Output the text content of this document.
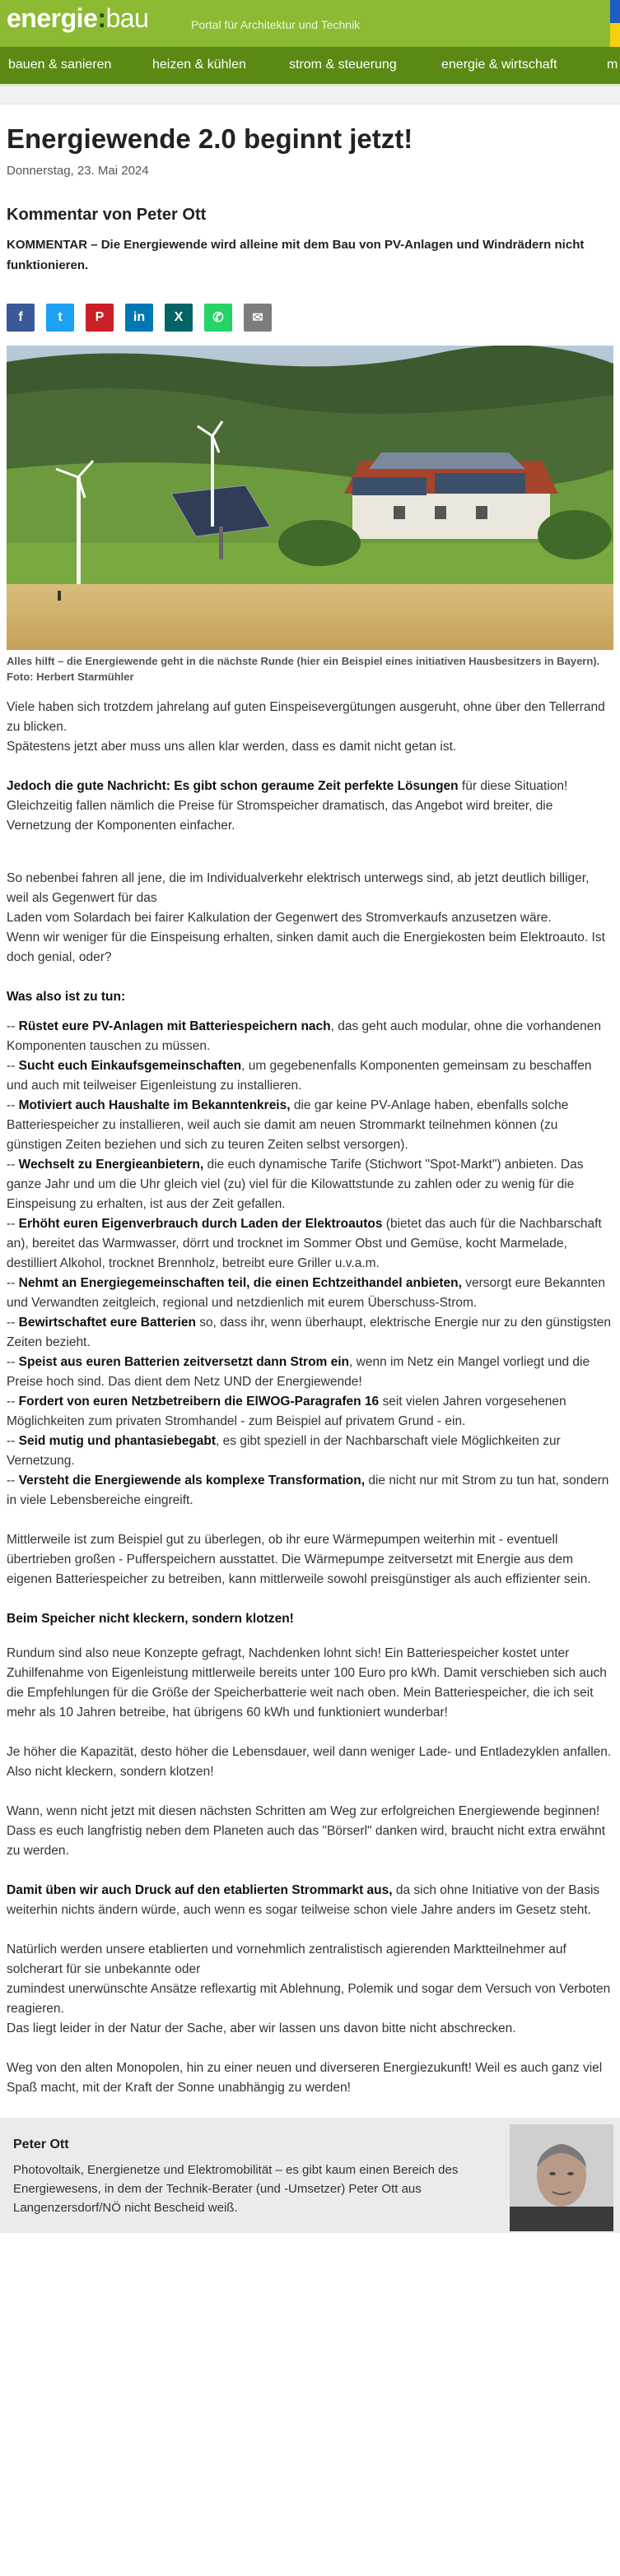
energie:bau	Portal für Architektur und Technik
bauen & sanieren	heizen & kühlen	strom & steuerung	energie & wirtschaft	m
Energiewende 2.0 beginnt jetzt!
Donnerstag, 23. Mai 2024
Kommentar von Peter Ott
KOMMENTAR – Die Energiewende wird alleine mit dem Bau von PV-Anlagen und Windrädern nicht funktionieren.
f	t	P	in	X	✆	✉
Alles hilft – die Energiewende geht in die nächste Runde (hier ein Beispiel eines initiativen Hausbesitzers in Bayern). Foto: Herbert Starmühler

Viele haben sich trotzdem jahrelang auf guten Einspeisevergütungen ausgeruht, ohne über den Tellerrand zu blicken.
Spätestens jetzt aber muss uns allen klar werden, dass es damit nicht getan ist.

Jedoch die gute Nachricht: Es gibt schon geraume Zeit perfekte Lösungen für diese Situation! Gleichzeitig fallen nämlich die Preise für Stromspeicher dramatisch, das Angebot wird breiter, die Vernetzung der Komponenten einfacher.

So nebenbei fahren all jene, die im Individualverkehr elektrisch unterwegs sind, ab jetzt deutlich billiger, weil als Gegenwert für das
Laden vom Solardach bei fairer Kalkulation der Gegenwert des Stromverkaufs anzusetzen wäre.
Wenn wir weniger für die Einspeisung erhalten, sinken damit auch die Energiekosten beim Elektroauto. Ist doch genial, oder?

Was also ist zu tun:

-- Rüstet eure PV-Anlagen mit Batteriespeichern nach, das geht auch modular, ohne die vorhandenen Komponenten tauschen zu müssen.
-- Sucht euch Einkaufsgemeinschaften, um gegebenenfalls Komponenten gemeinsam zu beschaffen und auch mit teilweiser Eigenleistung zu installieren.
-- Motiviert auch Haushalte im Bekanntenkreis, die gar keine PV-Anlage haben, ebenfalls solche Batteriespeicher zu installieren, weil auch sie damit am neuen Strommarkt teilnehmen können (zu günstigen Zeiten beziehen und sich zu teuren Zeiten selbst versorgen).
-- Wechselt zu Energieanbietern, die euch dynamische Tarife (Stichwort "Spot-Markt") anbieten. Das ganze Jahr und um die Uhr gleich viel (zu) viel für die Kilowattstunde zu zahlen oder zu wenig für die Einspeisung zu erhalten, ist aus der Zeit gefallen.
-- Erhöht euren Eigenverbrauch durch Laden der Elektroautos (bietet das auch für die Nachbarschaft an), bereitet das Warmwasser, dörrt und trocknet im Sommer Obst und Gemüse, kocht Marmelade, destilliert Alkohol, trocknet Brennholz, betreibt eure Griller u.v.a.m.
-- Nehmt an Energiegemeinschaften teil, die einen Echtzeithandel anbieten, versorgt eure Bekannten und Verwandten zeitgleich, regional und netzdienlich mit eurem Überschuss-Strom.
-- Bewirtschaftet eure Batterien so, dass ihr, wenn überhaupt, elektrische Energie nur zu den günstigsten Zeiten bezieht.
-- Speist aus euren Batterien zeitversetzt dann Strom ein, wenn im Netz ein Mangel vorliegt und die Preise hoch sind. Das dient dem Netz UND der Energiewende!
-- Fordert von euren Netzbetreibern die ElWOG-Paragrafen 16 seit vielen Jahren vorgesehenen Möglichkeiten zum privaten Stromhandel - zum Beispiel auf privatem Grund - ein.
-- Seid mutig und phantasiebegabt, es gibt speziell in der Nachbarschaft viele Möglichkeiten zur Vernetzung.
-- Versteht die Energiewende als komplexe Transformation, die nicht nur mit Strom zu tun hat, sondern in viele Lebensbereiche eingreift.

Mittlerweile ist zum Beispiel gut zu überlegen, ob ihr eure Wärmepumpen weiterhin mit - eventuell übertrieben großen - Pufferspeichern ausstattet. Die Wärmepumpe zeitversetzt mit Energie aus dem eigenen Batteriespeicher zu betreiben, kann mittlerweile sowohl preisgünstiger als auch effizienter sein.

Beim Speicher nicht kleckern, sondern klotzen!

Rundum sind also neue Konzepte gefragt, Nachdenken lohnt sich! Ein Batteriespeicher kostet unter Zuhilfenahme von Eigenleistung mittlerweile bereits unter 100 Euro pro kWh. Damit verschieben sich auch die Empfehlungen für die Größe der Speicherbatterie weit nach oben. Mein Batteriespeicher, die ich seit mehr als 10 Jahren betreibe, hat übrigens 60 kWh und funktioniert wunderbar!

Je höher die Kapazität, desto höher die Lebensdauer, weil dann weniger Lade- und Entladezyklen anfallen. Also nicht kleckern, sondern klotzen!

Wann, wenn nicht jetzt mit diesen nächsten Schritten am Weg zur erfolgreichen Energiewende beginnen!
Dass es euch langfristig neben dem Planeten auch das "Börserl" danken wird, braucht nicht extra erwähnt zu werden.

Damit üben wir auch Druck auf den etablierten Strommarkt aus, da sich ohne Initiative von der Basis weiterhin nichts ändern würde, auch wenn es sogar teilweise schon viele Jahre anders im Gesetz steht.

Natürlich werden unsere etablierten und vornehmlich zentralistisch agierenden Marktteilnehmer auf solcherart für sie unbekannte oder
zumindest unerwünschte Ansätze reflexartig mit Ablehnung, Polemik und sogar dem Versuch von Verboten reagieren.
Das liegt leider in der Natur der Sache, aber wir lassen uns davon bitte nicht abschrecken.

Weg von den alten Monopolen, hin zu einer neuen und diverseren Energiezukunft! Weil es auch ganz viel Spaß macht, mit der Kraft der Sonne unabhängig zu werden!

Peter Ott
Photovoltaik, Energienetze und Elektromobilität – es gibt kaum einen Bereich des Energiewesens, in dem der Technik-Berater (und -Umsetzer) Peter Ott aus Langenzersdorf/NÖ nicht Bescheid weiß.
